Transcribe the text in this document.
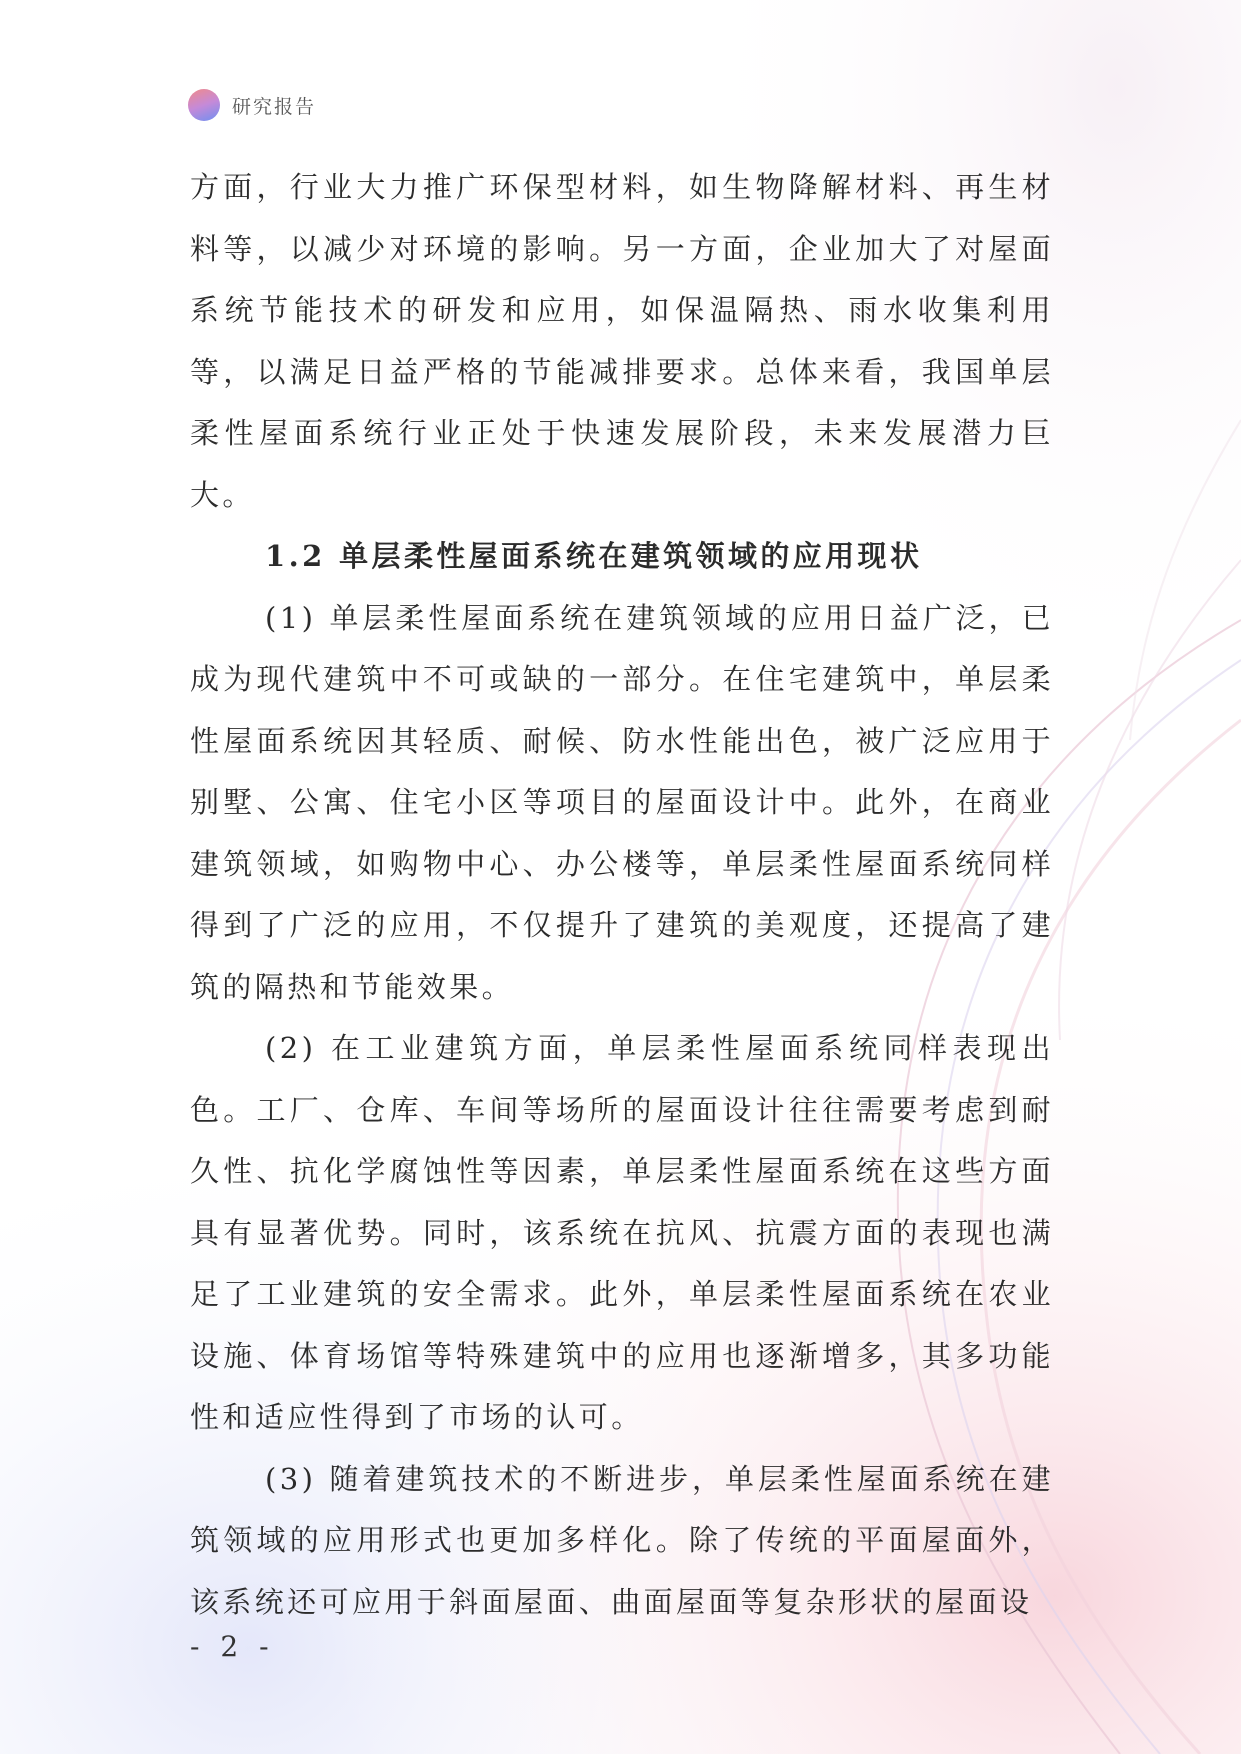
研究报告

方面，行业大力推广环保型材料，如生物降解材料、再生材料等，以减少对环境的影响。另一方面，企业加大了对屋面系统节能技术的研发和应用，如保温隔热、雨水收集利用等，以满足日益严格的节能减排要求。总体来看，我国单层柔性屋面系统行业正处于快速发展阶段，未来发展潜力巨大。

1.2 单层柔性屋面系统在建筑领域的应用现状

(1) 单层柔性屋面系统在建筑领域的应用日益广泛，已成为现代建筑中不可或缺的一部分。在住宅建筑中，单层柔性屋面系统因其轻质、耐候、防水性能出色，被广泛应用于别墅、公寓、住宅小区等项目的屋面设计中。此外，在商业建筑领域，如购物中心、办公楼等，单层柔性屋面系统同样得到了广泛的应用，不仅提升了建筑的美观度，还提高了建筑的隔热和节能效果。

(2) 在工业建筑方面，单层柔性屋面系统同样表现出色。工厂、仓库、车间等场所的屋面设计往往需要考虑到耐久性、抗化学腐蚀性等因素，单层柔性屋面系统在这些方面具有显著优势。同时，该系统在抗风、抗震方面的表现也满足了工业建筑的安全需求。此外，单层柔性屋面系统在农业设施、体育场馆等特殊建筑中的应用也逐渐增多，其多功能性和适应性得到了市场的认可。

(3) 随着建筑技术的不断进步，单层柔性屋面系统在建筑领域的应用形式也更加多样化。除了传统的平面屋面外，该系统还可应用于斜面屋面、曲面屋面等复杂形状的屋面设

- 2 -
